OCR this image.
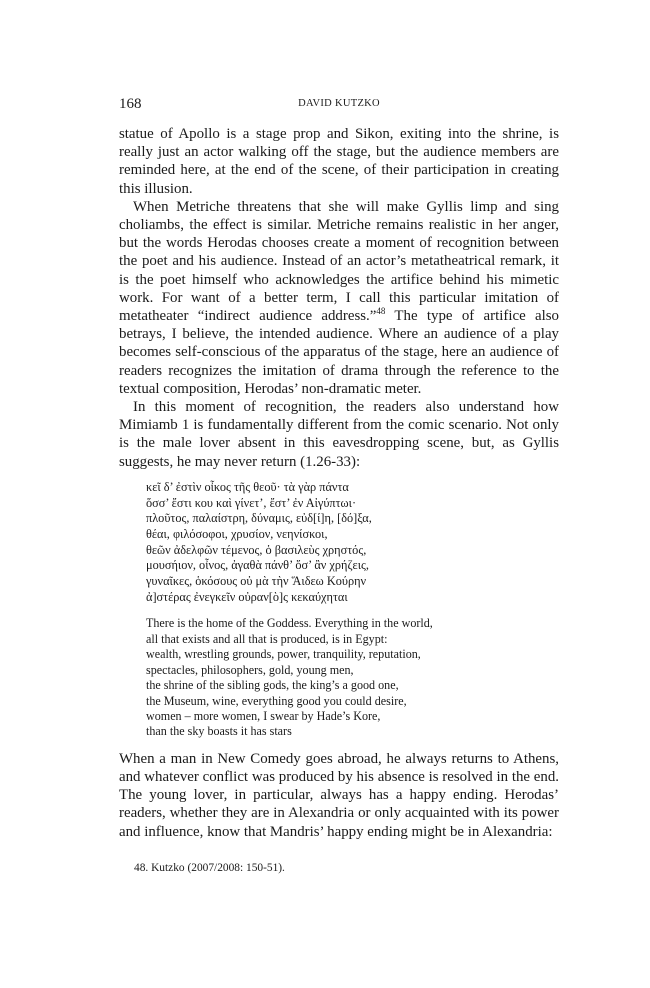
168	DAVID KUTZKO

statue of Apollo is a stage prop and Sikon, exiting into the shrine, is really just an actor walking off the stage, but the audience members are reminded here, at the end of the scene, of their participation in creating this illusion.

When Metriche threatens that she will make Gyllis limp and sing choliambs, the effect is similar. Metriche remains realistic in her anger, but the words Herodas chooses create a moment of recognition between the poet and his audience. Instead of an actor’s metatheatrical remark, it is the poet himself who acknowledges the artifice behind his mimetic work. For want of a better term, I call this particular imitation of metatheater “indirect audience address.”$^{48}$ The type of artifice also betrays, I believe, the intended audience. Where an audience of a play becomes self-conscious of the apparatus of the stage, here an audience of readers recognizes the imitation of drama through the reference to the textual composition, Herodas’ non-dramatic meter.

In this moment of recognition, the readers also understand how Mimiamb 1 is fundamentally different from the comic scenario. Not only is the male lover absent in this eavesdropping scene, but, as Gyllis suggests, he may never return (1.26-33):

κεῖ δ’ ἐστὶν οἶκος τῆς θεοῦ· τὰ γὰρ πάντα
ὅσσ’ ἔστι κου καὶ γίνετ’, ἔστ’ ἐν Αἰγύπτωι·
πλοῦτος, παλαίστρη, δύναμις, εὐδ[ί]η, [δό]ξα,
θέαι, φιλόσοφοι, χρυσίον, νεηνίσκοι,
θεῶν ἀδελφῶν τέμενος, ὁ βασιλεὺς χρηστός,
μουσήιον, οἶνος, ἀγαθὰ πάνθ’ ὅσ’ ἂν χρήζεις,
γυναῖκες, ὁκόσους οὐ μὰ τὴν Ἅιδεω Κούρην
ἀ]στέρας ἐνεγκεῖν οὐραν[ὸ]ς κεκαύχηται
There is the home of the Goddess. Everything in the world,
all that exists and all that is produced, is in Egypt:
wealth, wrestling grounds, power, tranquility, reputation,
spectacles, philosophers, gold, young men,
the shrine of the sibling gods, the king’s a good one,
the Museum, wine, everything good you could desire,
women – more women, I swear by Hade’s Kore,
than the sky boasts it has stars

When a man in New Comedy goes abroad, he always returns to Athens, and whatever conflict was produced by his absence is resolved in the end. The young lover, in particular, always has a happy ending. Herodas’ readers, whether they are in Alexandria or only acquainted with its power and influence, know that Mandris’ happy ending might be in Alexandria:

48. Kutzko (2007/2008: 150-51).
